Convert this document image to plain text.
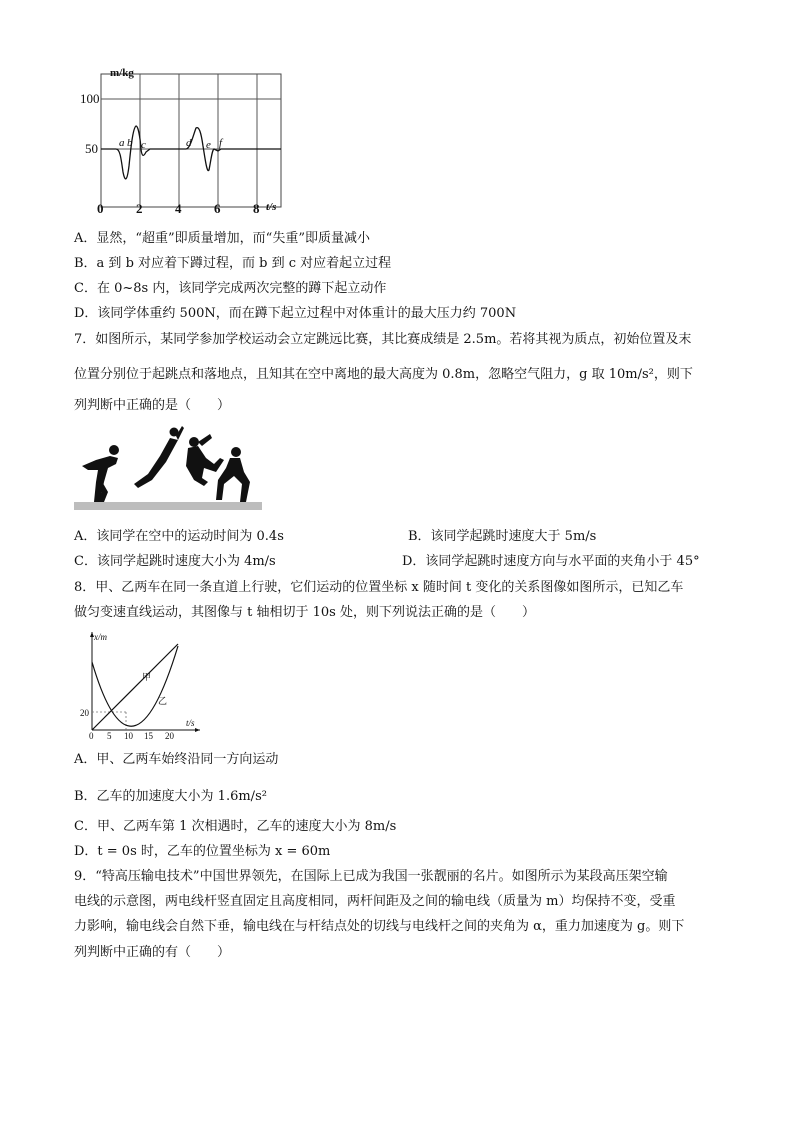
m/kg
100
50
0	2	4	6	8 t/s
a b c	d e f
A．显然，“超重”即质量增加，而“失重”即质量减小
B．a 到 b 对应着下蹲过程，而 b 到 c 对应着起立过程
C．在 0~8s 内，该同学完成两次完整的蹲下起立动作
D．该同学体重约 500N，而在蹲下起立过程中对体重计的最大压力约 700N
7．如图所示，某同学参加学校运动会立定跳远比赛，其比赛成绩是 2.5m。若将其视为质点，初始位置及末
位置分别位于起跳点和落地点，且知其在空中离地的最大高度为 0.8m，忽略空气阻力，g 取 10m/s²，则下
列判断中正确的是（　　）
A．该同学在空中的运动时间为 0.4s	B．该同学起跳时速度大于 5m/s
C．该同学起跳时速度大小为 4m/s	D．该同学起跳时速度方向与水平面的夹角小于 45°
8．甲、乙两车在同一条直道上行驶，它们运动的位置坐标 x 随时间 t 变化的关系图像如图所示，已知乙车
做匀变速直线运动，其图像与 t 轴相切于 10s 处，则下列说法正确的是（　　）
x/m
t/s
20
0 5 10 15 20
甲
乙
A．甲、乙两车始终沿同一方向运动
B．乙车的加速度大小为 1.6m/s²
C．甲、乙两车第 1 次相遇时，乙车的速度大小为 8m/s
D．t = 0s 时，乙车的位置坐标为 x = 60m
9．“特高压输电技术”中国世界领先，在国际上已成为我国一张靓丽的名片。如图所示为某段高压架空输
电线的示意图，两电线杆竖直固定且高度相同，两杆间距及之间的输电线（质量为 m）均保持不变，受重
力影响，输电线会自然下垂，输电线在与杆结点处的切线与电线杆之间的夹角为 α，重力加速度为 g。则下
列判断中正确的有（　　）
